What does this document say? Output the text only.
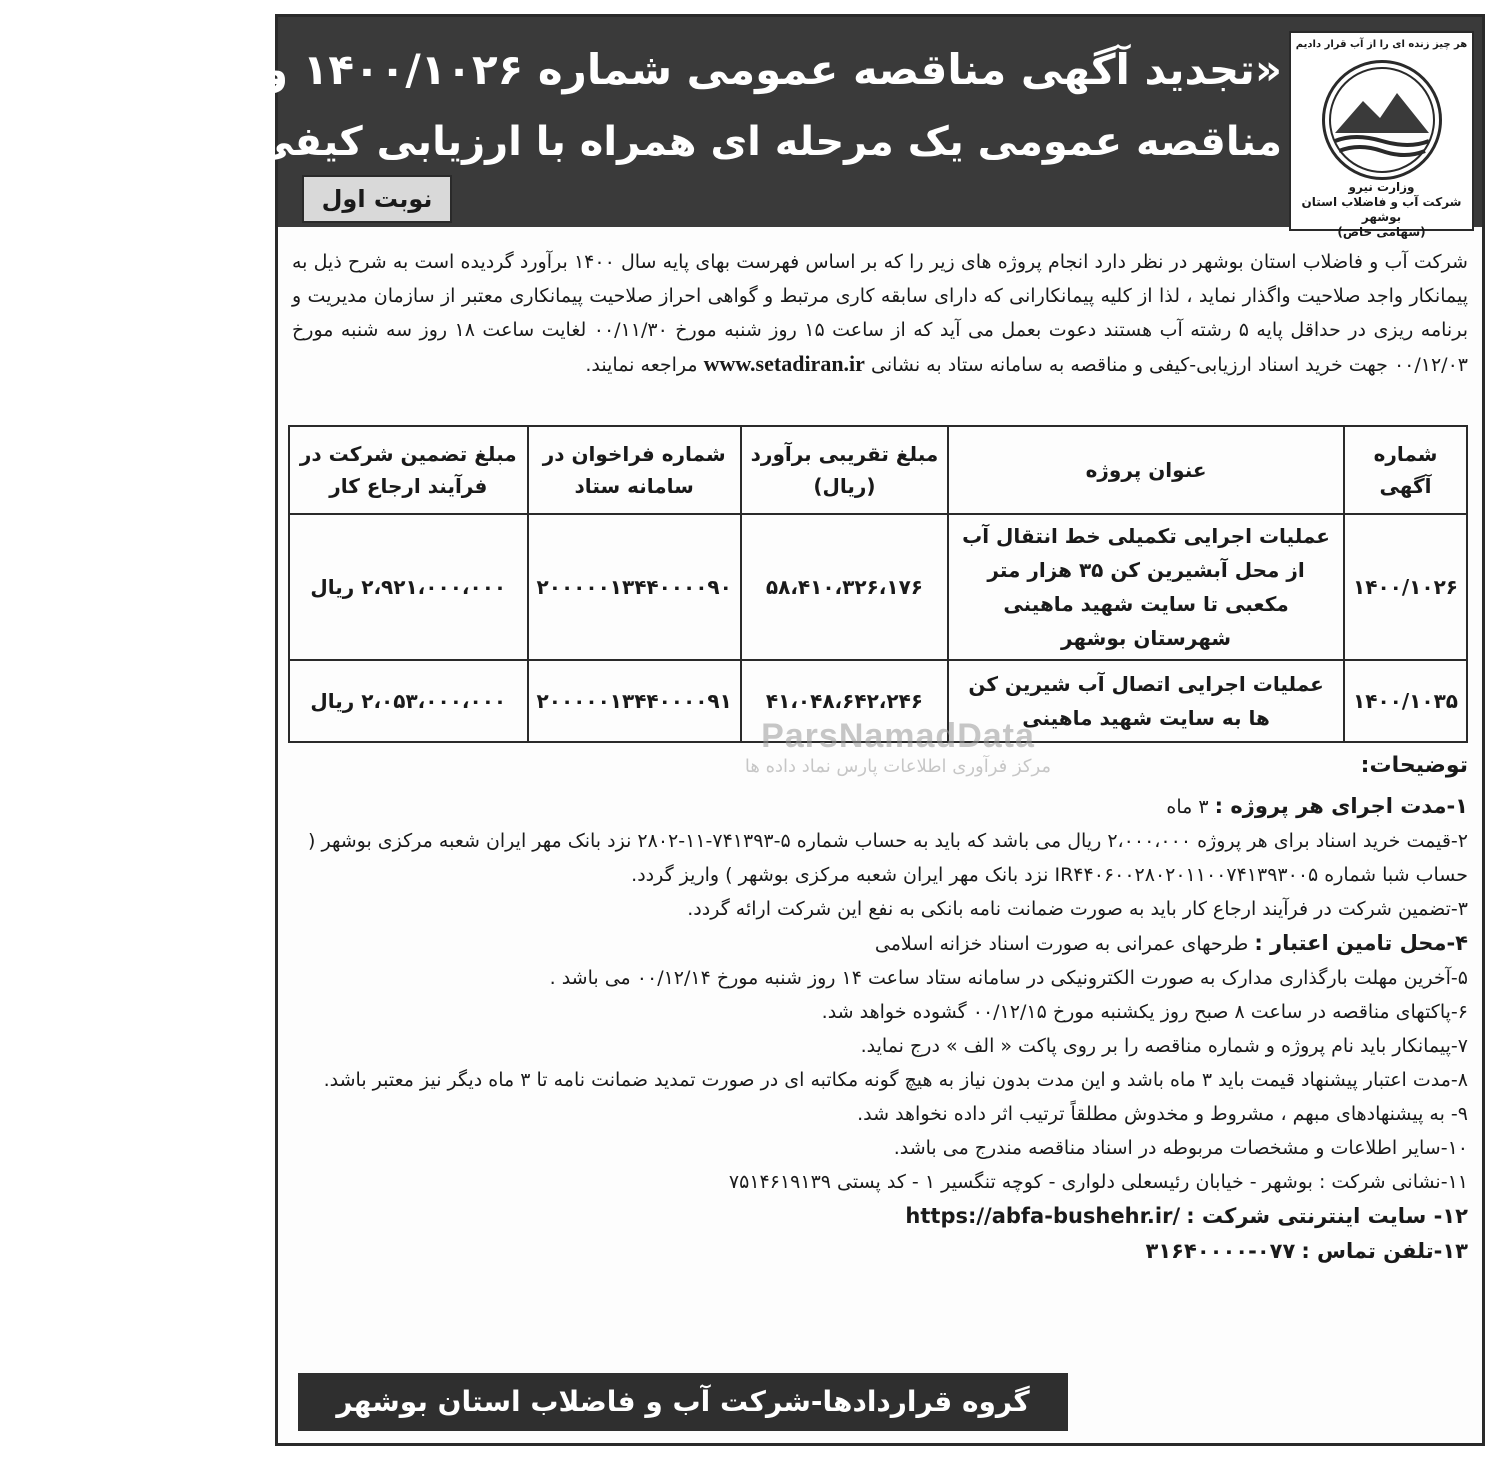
«تجدید آگهی مناقصه عمومی شماره ۱۴۰۰/۱۰۲۶ و ۱۴۰۰/۱۰۳۵»
مناقصه عمومی یک مرحله ای همراه با ارزیابی کیفی ( فشرده )
نوبت اول
هر چیز زنده ای را از آب قرار دادیم
وزارت نیرو
شرکت آب و فاضلاب استان بوشهر
(سهامی خاص)
شرکت آب و فاضلاب استان بوشهر در نظر دارد انجام پروژه های زیر را که بر اساس فهرست بهای پایه سال ۱۴۰۰ برآورد گردیده است به شرح ذیل به پیمانکار واجد صلاحیت واگذار نماید ، لذا از کلیه پیمانکارانی که دارای سابقه کاری مرتبط و گواهی احراز صلاحیت پیمانکاری معتبر از سازمان مدیریت و برنامه ریزی در حداقل پایه ۵ رشته آب هستند دعوت بعمل می آید که از ساعت ۱۵ روز شنبه مورخ ۰۰/۱۱/۳۰ لغایت ساعت ۱۸ روز سه شنبه مورخ ۰۰/۱۲/۰۳ جهت خرید اسناد ارزیابی-کیفی و مناقصه به سامانه ستاد به نشانی www.setadiran.ir مراجعه نمایند.
شماره آگهی	عنوان پروژه	مبلغ تقریبی برآورد (ریال)	شماره فراخوان در سامانه ستاد	مبلغ تضمین شرکت در فرآیند ارجاع کار
۱۴۰۰/۱۰۲۶	عملیات اجرایی تکمیلی خط انتقال آب از محل آبشیرین کن ۳۵ هزار متر مکعبی تا سایت شهید ماهینی شهرستان بوشهر	۵۸،۴۱۰،۳۲۶،۱۷۶	۲۰۰۰۰۰۱۳۴۴۰۰۰۰۹۰	۲،۹۲۱،۰۰۰،۰۰۰ ریال
۱۴۰۰/۱۰۳۵	عملیات اجرایی اتصال آب شیرین کن ها به سایت شهید ماهینی	۴۱،۰۴۸،۶۴۲،۲۴۶	۲۰۰۰۰۰۱۳۴۴۰۰۰۰۹۱	۲،۰۵۳،۰۰۰،۰۰۰ ریال
ParsNamadData
مرکز فرآوری اطلاعات پارس نماد داده ها	توضیحات:
۱-مدت اجرای هر پروژه : ۳ ماه
۲-قیمت خرید اسناد برای هر پروژه ۲،۰۰۰،۰۰۰ ریال می باشد که باید به حساب شماره ۵-۷۴۱۳۹۳-۱۱-۲۸۰۲ نزد بانک مهر ایران شعبه مرکزی بوشهر ( حساب شبا شماره IR۴۴۰۶۰۰۲۸۰۲۰۱۱۰۰۷۴۱۳۹۳۰۰۵ نزد بانک مهر ایران شعبه مرکزی بوشهر ) واریز گردد.
۳-تضمین شرکت در فرآیند ارجاع کار باید به صورت ضمانت نامه بانکی به نفع این شرکت ارائه گردد.
۴-محل تامین اعتبار : طرحهای عمرانی به صورت اسناد خزانه اسلامی
۵-آخرین مهلت بارگذاری مدارک به صورت الکترونیکی در سامانه ستاد ساعت ۱۴ روز شنبه مورخ ۰۰/۱۲/۱۴ می باشد .
۶-پاکتهای مناقصه در ساعت ۸ صبح روز یکشنبه مورخ ۰۰/۱۲/۱۵ گشوده خواهد شد.
۷-پیمانکار باید نام پروژه و شماره مناقصه را بر روی پاکت « الف » درج نماید.
۸-مدت اعتبار پیشنهاد قیمت باید ۳ ماه باشد و این مدت بدون نیاز به هیچ گونه مکاتبه ای در صورت تمدید ضمانت نامه تا ۳ ماه دیگر نیز معتبر باشد.
۹- به پیشنهادهای مبهم ، مشروط و مخدوش مطلقاً ترتیب اثر داده نخواهد شد.
۱۰-سایر اطلاعات و مشخصات مربوطه در اسناد مناقصه مندرج می باشد.
۱۱-نشانی شرکت : بوشهر - خیابان رئیسعلی دلواری - کوچه تنگسیر ۱ - کد پستی ۷۵۱۴۶۱۹۱۳۹
۱۲- سایت اینترنتی شرکت : https://abfa-bushehr.ir/
۱۳-تلفن تماس : ۰۷۷-۳۱۶۴۰۰۰۰
گروه قراردادها-شرکت آب و فاضلاب استان بوشهر
